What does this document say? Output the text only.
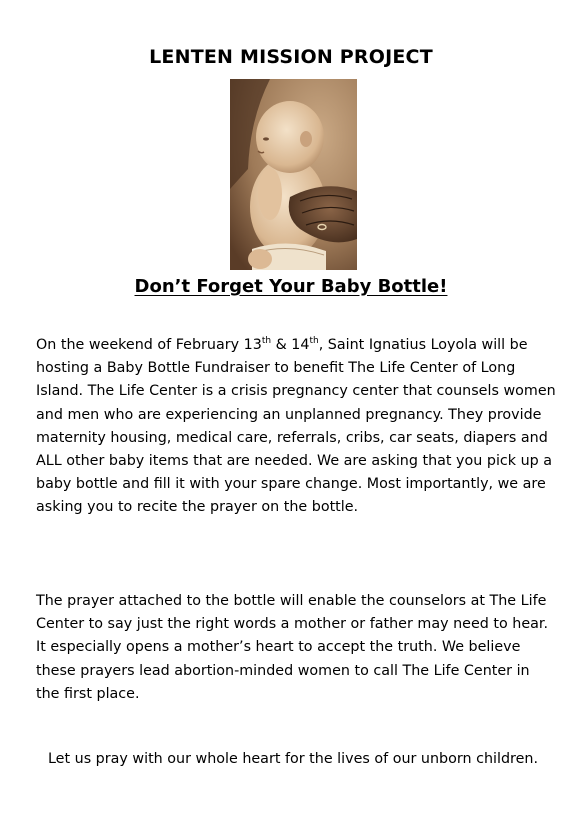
LENTEN MISSION PROJECT
Don’t Forget Your Baby Bottle!

On the weekend of February 13th & 14th, Saint Ignatius Loyola will be hosting a Baby Bottle Fundraiser to benefit The Life Center of Long Island. The Life Center is a crisis pregnancy center that counsels women and men who are experiencing an unplanned pregnancy. They provide maternity housing, medical care, referrals, cribs, car seats, diapers and ALL other baby items that are needed. We are asking that you pick up a baby bottle and fill it with your spare change. Most importantly, we are asking you to recite the prayer on the bottle.

The prayer attached to the bottle will enable the counselors at The Life Center to say just the right words a mother or father may need to hear. It especially opens a mother’s heart to accept the truth. We believe these prayers lead abortion-minded women to call The Life Center in the first place.

Let us pray with our whole heart for the lives of our unborn children.
